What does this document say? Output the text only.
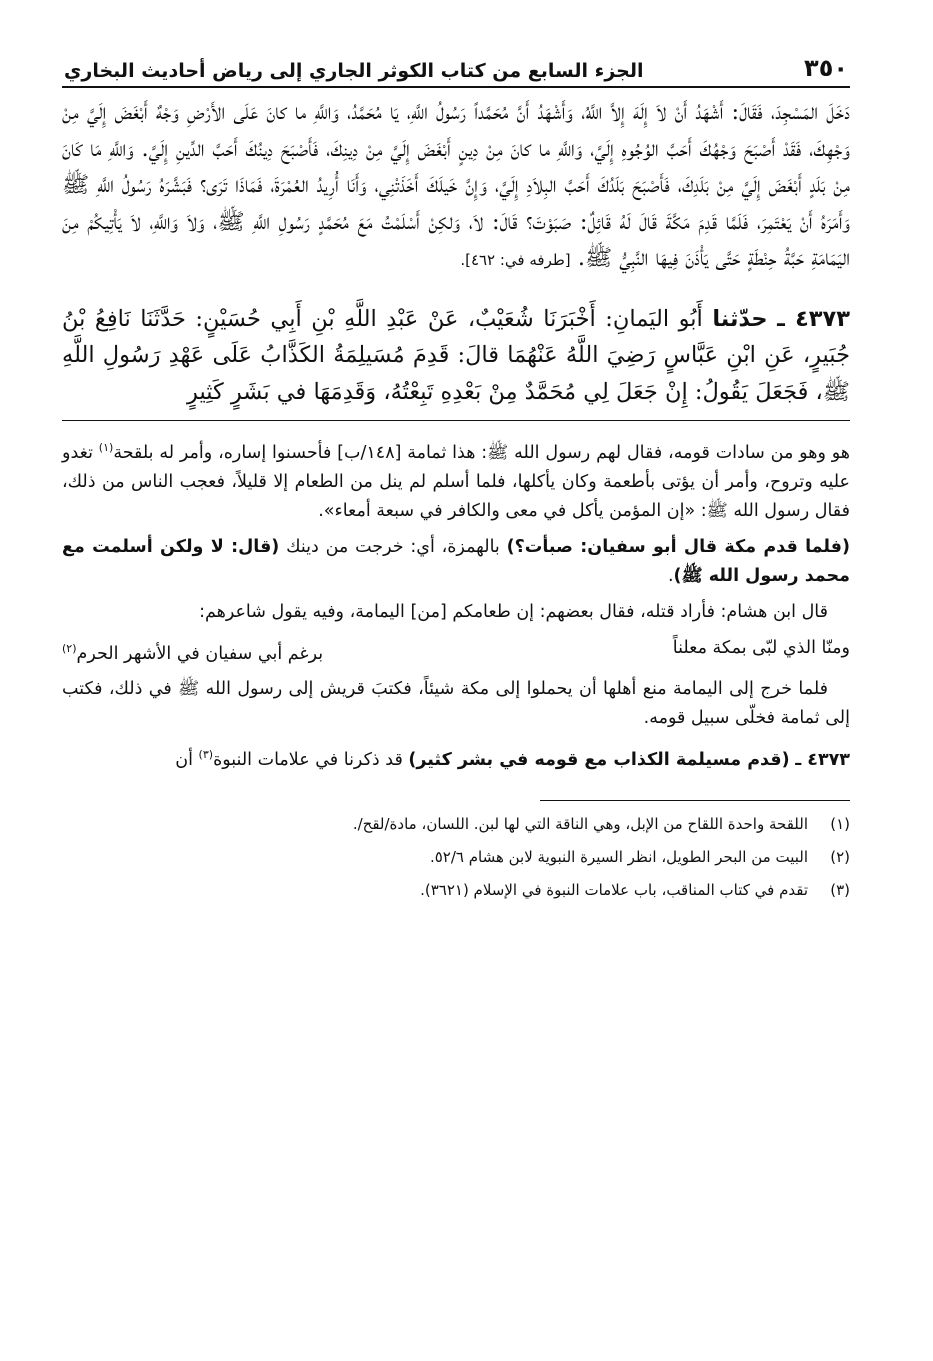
٣٥٠
الجزء السابع من كتاب الكوثر الجاري إلى رياض أحاديث البخاري

دَخَلَ المَسْجِدَ، فَقَالَ: أَشْهَدُ أَنْ لاَ إِلَهَ إِلاَّ اللَّهُ، وَأَشْهَدُ أَنَّ مُحَمَّداً رَسُولُ اللَّهِ، يَا مُحَمَّدُ، وَاللَّهِ ما كانَ عَلَى الأَرْضِ وَجْهٌ أَبْغَضَ إِلَيَّ مِنْ وَجْهِكَ، فَقَدْ أَصْبَحَ وَجْهُكَ أَحَبَّ الوُجُوهِ إِلَيَّ، وَاللَّهِ ما كانَ مِنْ دِينٍ أَبْغَضَ إِلَيَّ مِنْ دِينِكَ، فَأَصْبَحَ دِينُكَ أَحَبَّ الدِّينِ إِلَيَّ. وَاللَّهِ مَا كَانَ مِنْ بَلَدٍ أَبْغَضَ إِلَيَّ مِنْ بَلَدِكَ، فَأَصْبَحَ بَلَدُكَ أَحَبَّ البِلاَدِ إِلَيَّ، وَإِنَّ خَيلَكَ أَخَذَتْنِي، وَأَنَا أُرِيدُ العُمْرَةَ، فَمَاذَا تَرَى؟ فَبَشَّرَهُ رَسُولُ اللَّهِ ﷺ وَأَمَرَهُ أَنْ يَعْتَمِرَ، فَلَمَّا قَدِمَ مَكَّةَ قَالَ لَهُ قَائِلٌ: صَبَوْتَ؟ قَالَ: لاَ، وَلكِنْ أَسْلَمْتُ مَعَ مُحَمَّدٍ رَسُولِ اللَّهِ ﷺ، وَلاَ وَاللَّهِ، لاَ يَأْتِيكُمْ مِنَ اليَمَامَةِ حَبَّةُ حِنْطَةٍ حَتَّى يَأْذَنَ فِيهَا النَّبِيُّ ﷺ. [طرفه في: ٤٦٢].

٤٣٧٣ ـ حدّثنا أَبُو اليَمانِ: أَخْبَرَنَا شُعَيْبٌ، عَنْ عَبْدِ اللَّهِ بْنِ أَبِي حُسَيْنٍ: حَدَّثَنَا نَافِعُ بْنُ جُبَيرٍ، عَنِ ابْنِ عَبَّاسٍ رَضِيَ اللَّهُ عَنْهُمَا قالَ: قَدِمَ مُسَيلِمَةُ الكَذَّابُ عَلَى عَهْدِ رَسُولِ اللَّهِ ﷺ، فَجَعَلَ يَقُولُ: إِنْ جَعَلَ لِي مُحَمَّدٌ مِنْ بَعْدِهِ تَبِعْتُهُ، وَقَدِمَهَا في بَشَرٍ كَثِيرٍ

هو وهو من سادات قومه، فقال لهم رسول الله ﷺ: هذا ثمامة [١٤٨/ب] فأحسنوا إساره، وأمر له بلقحة$^{(١)}$ تغدو عليه وتروح، وأمر أن يؤتى بأطعمة وكان يأكلها، فلما أسلم لم ينل من الطعام إلا قليلاً، فعجب الناس من ذلك، فقال رسول الله ﷺ: «إن المؤمن يأكل في معى والكافر في سبعة أمعاء».

(فلما قدم مكة قال أبو سفيان: صبأت؟) بالهمزة، أي: خرجت من دينك (قال: لا ولكن أسلمت مع محمد رسول الله ﷺ).

قال ابن هشام: فأراد قتله، فقال بعضهم: إن طعامكم [من] اليمامة، وفيه يقول شاعرهم:

ومنّا الذي لبّى بمكة معلناً
برغم أبي سفيان في الأشهر الحرم$^{(٢)}$

فلما خرج إلى اليمامة منع أهلها أن يحملوا إلى مكة شيئاً، فكتبَ قريش إلى رسول الله ﷺ في ذلك، فكتب إلى ثمامة فخلّى سبيل قومه.

٤٣٧٣ ـ (قدم مسيلمة الكذاب مع قومه في بشر كثير) قد ذكرنا في علامات النبوة$^{(٣)}$ أن

(١)
اللقحة واحدة اللقاح من الإبل، وهي الناقة التي لها لبن. اللسان، مادة/لقح/.
(٢)
البيت من البحر الطويل، انظر السيرة النبوية لابن هشام ٥٢/٦.
(٣)
تقدم في كتاب المناقب، باب علامات النبوة في الإسلام (٣٦٢١).
